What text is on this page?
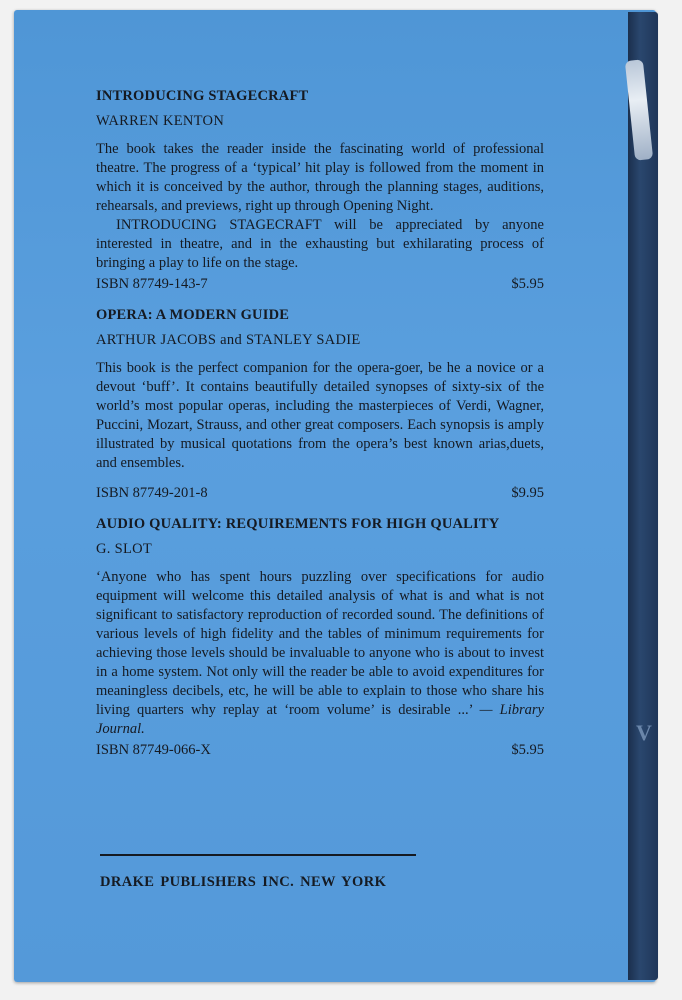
V
INTRODUCING STAGECRAFT
WARREN KENTON

The book takes the reader inside the fascinating world of professional theatre. The progress of a ‘typical’ hit play is followed from the moment in which it is conceived by the author, through the planning stages, auditions, rehearsals, and previews, right up through Opening Night.

INTRODUCING STAGECRAFT will be appreciated by anyone interested in theatre, and in the exhausting but exhilarating process of bringing a play to life on the stage.

ISBN 87749-143-7	$5.95
OPERA: A MODERN GUIDE
ARTHUR JACOBS and STANLEY SADIE

This book is the perfect companion for the opera-goer, be he a novice or a devout ‘buff’. It contains beautifully detailed synopses of sixty-six of the world’s most popular operas, including the masterpieces of Verdi, Wagner, Puccini, Mozart, Strauss, and other great composers. Each synopsis is amply illustrated by musical quotations from the opera’s best known arias,duets, and ensembles.

ISBN 87749-201-8	$9.95
AUDIO QUALITY: REQUIREMENTS FOR HIGH QUALITY
G. SLOT

‘Anyone who has spent hours puzzling over specifications for audio equipment will welcome this detailed analysis of what is and what is not significant to satisfactory reproduction of recorded sound. The definitions of various levels of high fidelity and the tables of minimum requirements for achieving those levels should be invaluable to anyone who is about to invest in a home system. Not only will the reader be able to avoid expenditures for meaningless decibels, etc, he will be able to explain to those who share his living quarters why replay at ‘room volume’ is desirable ...’ — Library Journal.

ISBN 87749-066-X	$5.95
DRAKE PUBLISHERS INC. NEW YORK
